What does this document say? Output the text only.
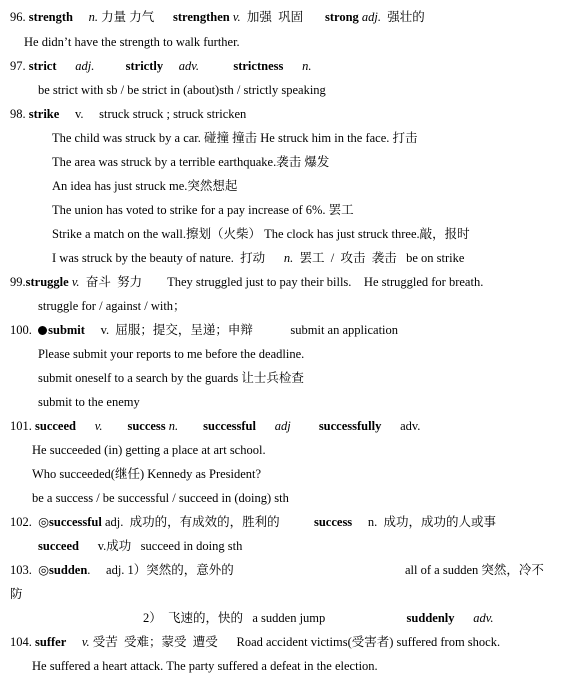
96. strength n. 力量 力气      strengthen v.  加强  巩固       strong adj.  强壮的
He didn’t have the strength to walk further.
97. strict adj.	strictly adv.	strictness n.
be strict with sb / be strict in (about)sth / strictly speaking
98. strike     v.     struck struck ; struck stricken
The child was struck by a car. 碰撞 撞击 He struck him in the face. 打击
The area was struck by a terrible earthquake.袭击 爆发
An idea has just struck me.突然想起
The union has voted to strike for a pay increase of 6%. 罢工
Strike a match on the wall.擦划（火柴） The clock has just struck three.敲，报时
I was struck by the beauty of nature.  打动      n.  罢工  /  攻击  袭击   be on strike
99.struggle v.  奋斗  努力        They struggled just to pay their bills.    He struggled for breath.
struggle for / against / with；
100.  submit     v.  屈服；提交，呈递；申辩            submit an application
Please submit your reports to me before the deadline.
submit oneself to a search by the guards 让士兵检查
submit to the enemy
101. succeed v. success n. successful adj successfully      adv.
He succeeded (in) getting a place at art school.
Who succeeded(继任) Kennedy as President?
be a success / be successful / succeed in (doing) sth
102.  ◎successful adj.  成功的，有成效的，胜利的           success     n.  成功，成功的人或事
succeed      v.成功   succeed in doing sth
103.  ◎sudden.     adj. 1）突然的，意外的	all of a sudden 突然，冷不
防
2）  飞速的，快的   a sudden jump                          suddenly adv.
104. suffer v. 受苦  受难；蒙受  遭受      Road accident victims(受害者) suffered from shock.
He suffered a heart attack. The party suffered a defeat in the election.
